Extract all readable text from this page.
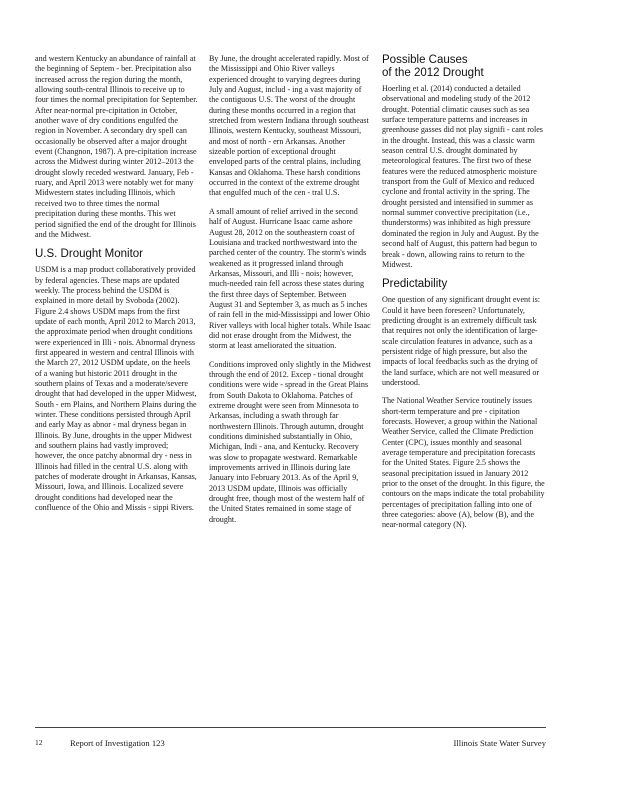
and western Kentucky an abundance of rainfall at the beginning of Septem - ber. Precipitation also increased across the region during the month, allowing south-central Illinois to receive up to four times the normal precipitation for September. After near-normal pre-cipitation in October, another wave of dry conditions engulfed the region in November. A secondary dry spell can occasionally be observed after a major drought event (Changnon, 1987). A pre-cipitation increase across the Midwest during winter 2012–2013 the drought slowly receded westward. January, Feb - ruary, and April 2013 were notably wet for many Midwestern states including Illinois, which received two to three times the normal precipitation during these months. This wet period signified the end of the drought for Illinois and the Midwest.

U.S. Drought Monitor

USDM is a map product collaboratively provided by federal agencies. These maps are updated weekly. The process behind the USDM is explained in more detail by Svoboda (2002). Figure 2.4 shows USDM maps from the first update of each month, April 2012 to March 2013, the approximate period when drought conditions were experienced in Illi - nois. Abnormal dryness first appeared in western and central Illinois with the March 27, 2012 USDM update, on the heels of a waning but historic 2011 drought in the southern plains of Texas and a moderate/severe drought that had developed in the upper Midwest, South - ern Plains, and Northern Plains during the winter. These conditions persisted through April and early May as abnor - mal dryness began in Illinois. By June, droughts in the upper Midwest and southern plains had vastly improved; however, the once patchy abnormal dry - ness in Illinois had filled in the central U.S. along with patches of moderate drought in Arkansas, Kansas, Missouri, Iowa, and Illinois. Localized severe drought conditions had developed near the confluence of the Ohio and Missis - sippi Rivers.

By June, the drought accelerated rapidly. Most of the Mississippi and Ohio River valleys experienced drought to varying degrees during July and August, includ - ing a vast majority of the contiguous U.S. The worst of the drought during these months occurred in a region that stretched from western Indiana through southeast Illinois, western Kentucky, southeast Missouri, and most of north - ern Arkansas. Another sizeable portion of exceptional drought enveloped parts of the central plains, including Kansas and Oklahoma. These harsh conditions occurred in the context of the extreme drought that engulfed much of the cen - tral U.S.

A small amount of relief arrived in the second half of August. Hurricane Isaac came ashore August 28, 2012 on the southeastern coast of Louisiana and tracked northwestward into the parched center of the country. The storm's winds weakened as it progressed inland through Arkansas, Missouri, and Illi - nois; however, much-needed rain fell across these states during the first three days of September. Between August 31 and September 3, as much as 5 inches of rain fell in the mid-Mississippi and lower Ohio River valleys with local higher totals. While Isaac did not erase drought from the Midwest, the storm at least ameliorated the situation.

Conditions improved only slightly in the Midwest through the end of 2012. Excep - tional drought conditions were wide - spread in the Great Plains from South Dakota to Oklahoma. Patches of extreme drought were seen from Minnesota to Arkansas, including a swath through far northwestern Illinois. Through autumn, drought conditions diminished substantially in Ohio, Michigan, Indi - ana, and Kentucky. Recovery was slow to propagate westward. Remarkable improvements arrived in Illinois during late January into February 2013. As of the April 9, 2013 USDM update, Illinois was officially drought free, though most of the western half of the United States remained in some stage of drought.

Possible Causes
of the 2012 Drought

Hoerling et al. (2014) conducted a detailed observational and modeling study of the 2012 drought. Potential climatic causes such as sea surface temperature patterns and increases in greenhouse gasses did not play signifi - cant roles in the drought. Instead, this was a classic warm season central U.S. drought dominated by meteorological features. The first two of these features were the reduced atmospheric moisture transport from the Gulf of Mexico and reduced cyclone and frontal activity in the spring. The drought persisted and intensified in summer as normal summer convective precipitation (i.e., thunderstorms) was inhibited as high pressure dominated the region in July and August. By the second half of August, this pattern had begun to break - down, allowing rains to return to the Midwest.

Predictability

One question of any significant drought event is: Could it have been foreseen? Unfortunately, predicting drought is an extremely difficult task that requires not only the identification of large-scale circulation features in advance, such as a persistent ridge of high pressure, but also the impacts of local feedbacks such as the drying of the land surface, which are not well measured or understood.

The National Weather Service routinely issues short-term temperature and pre - cipitation forecasts. However, a group within the National Weather Service, called the Climate Prediction Center (CPC), issues monthly and seasonal average temperature and precipitation forecasts for the United States. Figure 2.5 shows the seasonal precipitation issued in January 2012 prior to the onset of the drought. In this figure, the contours on the maps indicate the total probability percentages of precipitation falling into one of three categories: above (A), below (B), and the near-normal category (N).

12	Report of Investigation 123	Illinois State Water Survey
